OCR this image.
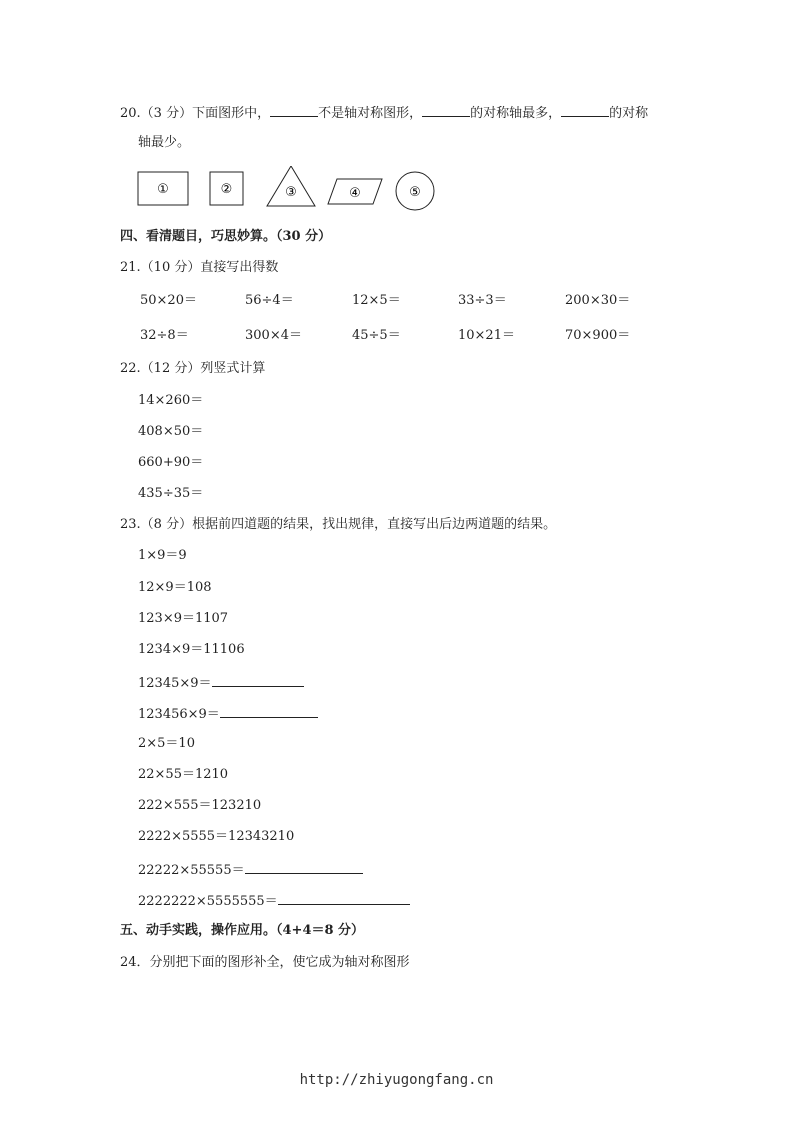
20.（3 分）下面图形中，	不是轴对称图形，	的对称轴最多，	的对称
轴最少。
①	②	③	④	⑤
四、看清题目，巧思妙算。（30 分）
21.（10 分）直接写出得数
50×20＝	56÷4＝	12×5＝	33÷3＝	200×30＝
32÷8＝	300×4＝	45÷5＝	10×21＝	70×900＝
22.（12 分）列竖式计算
14×260＝
408×50＝
660+90＝
435÷35＝
23.（8 分）根据前四道题的结果，找出规律，直接写出后边两道题的结果。
1×9＝9
12×9＝108
123×9＝1107
1234×9＝11106
12345×9＝
123456×9＝
2×5＝10
22×55＝1210
222×555＝123210
2222×5555＝12343210
22222×55555＝
2222222×5555555＝
五、动手实践，操作应用。（4+4＝8 分）
24．分别把下面的图形补全，使它成为轴对称图形
http://zhiyugongfang.cn
